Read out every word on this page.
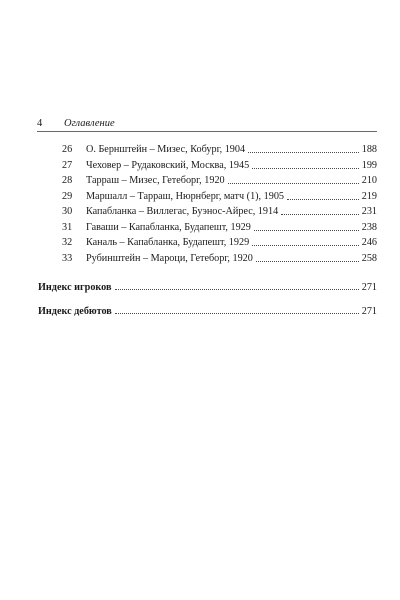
4 Оглавление
26	О. Бернштейн – Мизес, Кобург, 1904	188
27	Чеховер – Рудаковский, Москва, 1945	199
28	Тарраш – Мизес, Гетеборг, 1920	210
29	Маршалл – Тарраш, Нюрнберг, матч (1), 1905	219
30	Капабланка – Виллегас, Буэнос-Айрес, 1914	231
31	Гаваши – Капабланка, Будапешт, 1929	238
32	Каналь – Капабланка, Будапешт, 1929	246
33	Рубинштейн – Мароци, Гетеборг, 1920	258
Индекс игроков	271
Индекс дебютов	271
